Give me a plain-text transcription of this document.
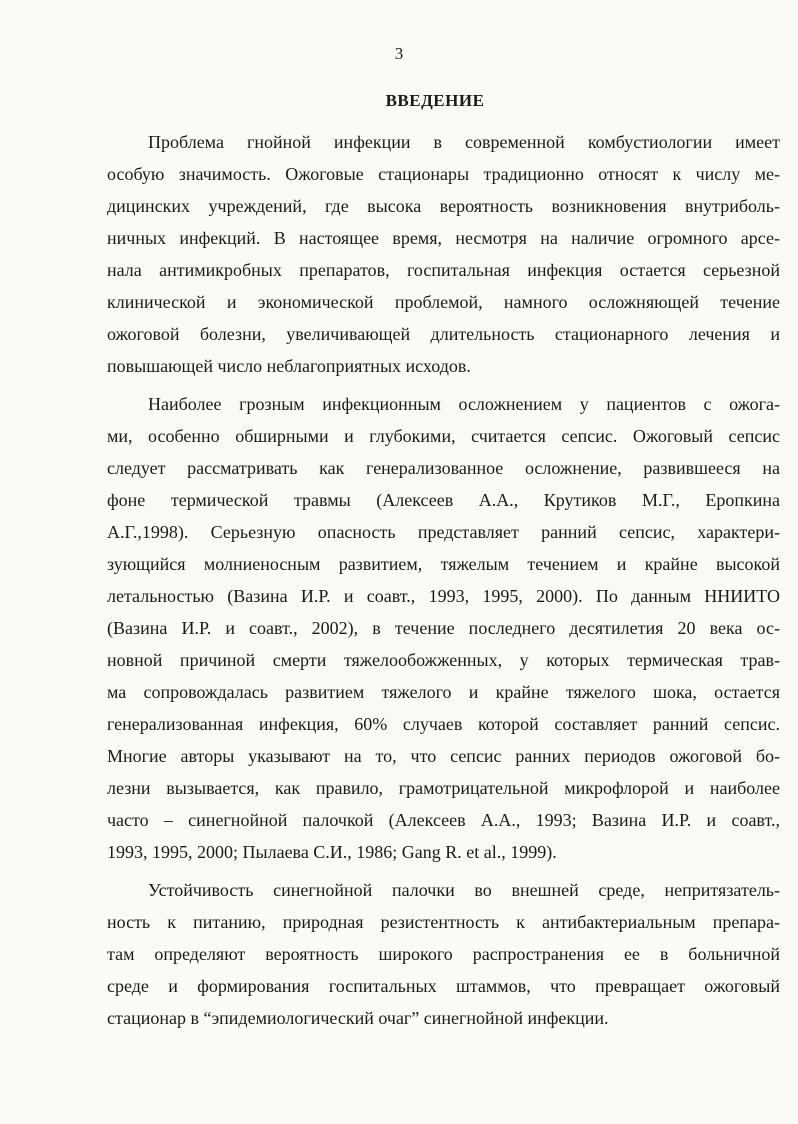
3
ВВЕДЕНИЕ
Проблема гнойной инфекции в современной комбустиологии имеет
особую значимость. Ожоговые стационары традиционно относят к числу ме-
дицинских учреждений, где высока вероятность возникновения внутриболь-
ничных инфекций. В настоящее время, несмотря на наличие огромного арсе-
нала антимикробных препаратов, госпитальная инфекция остается серьезной
клинической и экономической проблемой, намного осложняющей течение
ожоговой болезни, увеличивающей длительность стационарного лечения и
повышающей число неблагоприятных исходов.
Наиболее грозным инфекционным осложнением у пациентов с ожога-
ми, особенно обширными и глубокими, считается сепсис. Ожоговый сепсис
следует рассматривать как генерализованное осложнение, развившееся на
фоне термической травмы (Алексеев А.А., Крутиков М.Г., Еропкина
А.Г.,1998). Серьезную опасность представляет ранний сепсис, характери-
зующийся молниеносным развитием, тяжелым течением и крайне высокой
летальностью (Вазина И.Р. и соавт., 1993, 1995, 2000). По данным ННИИТО
(Вазина И.Р. и соавт., 2002), в течение последнего десятилетия 20 века ос-
новной причиной смерти тяжелообожженных, у которых термическая трав-
ма сопровождалась развитием тяжелого и крайне тяжелого шока, остается
генерализованная инфекция, 60% случаев которой составляет ранний сепсис.
Многие авторы указывают на то, что сепсис ранних периодов ожоговой бо-
лезни вызывается, как правило, грамотрицательной микрофлорой и наиболее
часто – синегнойной палочкой (Алексеев А.А., 1993; Вазина И.Р. и соавт.,
1993, 1995, 2000; Пылаева С.И., 1986; Gang R. et al., 1999).
Устойчивость синегнойной палочки во внешней среде, непритязатель-
ность к питанию, природная резистентность к антибактериальным препара-
там определяют вероятность широкого распространения ее в больничной
среде и формирования госпитальных штаммов, что превращает ожоговый
стационар в “эпидемиологический очаг” синегнойной инфекции.
